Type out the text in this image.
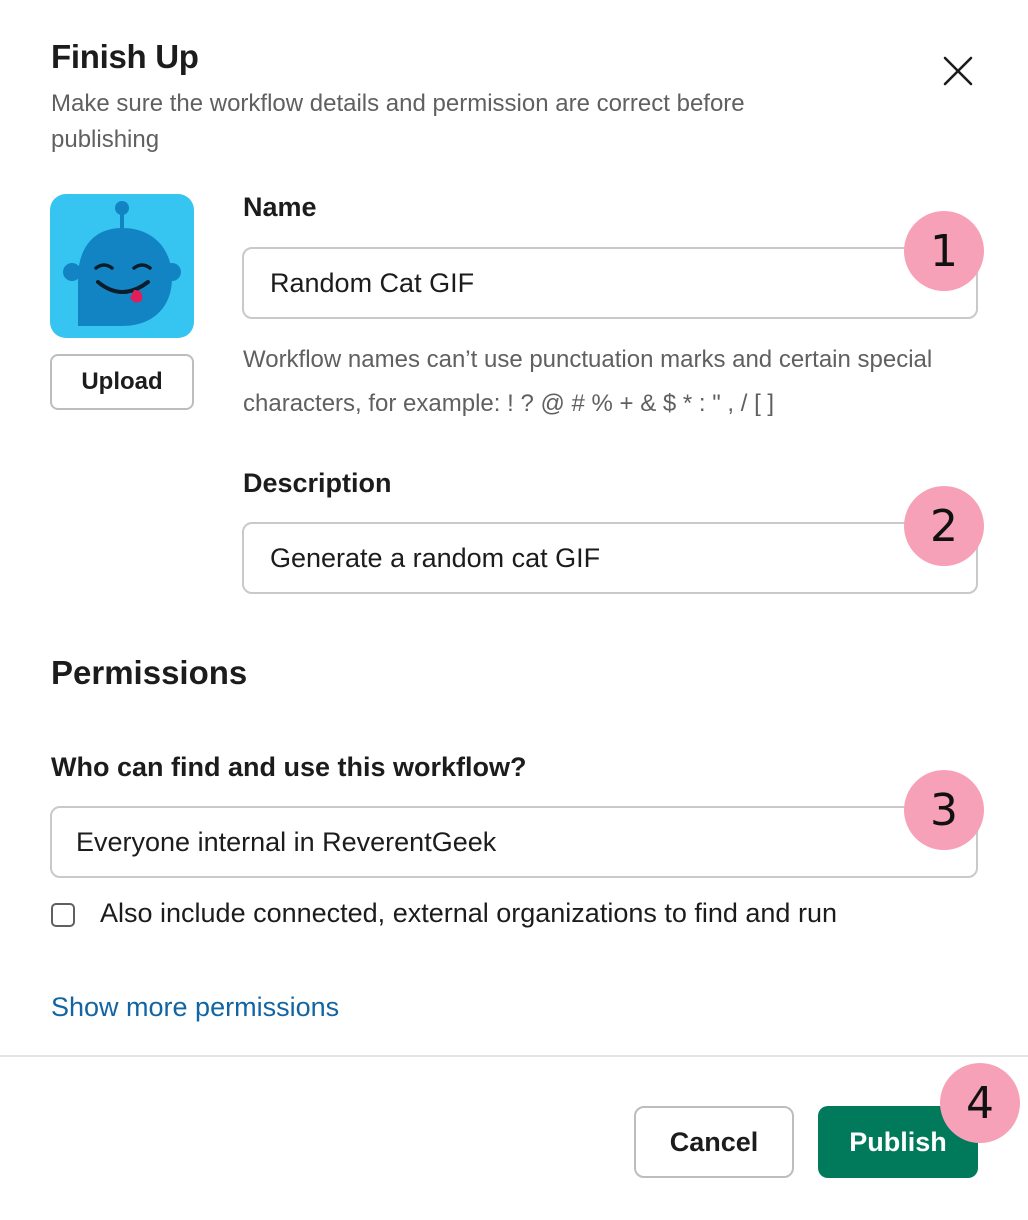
Finish Up
Make sure the workflow details and permission are correct before publishing
Upload
Name
Random Cat GIF
Workflow names can’t use punctuation marks and certain special characters, for example: ! ? @ # % + & $ * : " , / [ ]
Description
Generate a random cat GIF
Permissions
Who can find and use this workflow?
Everyone internal in ReverentGeek
Also include connected, external organizations to find and run
Show more permissions
Cancel	Publish
1
2
3
4
